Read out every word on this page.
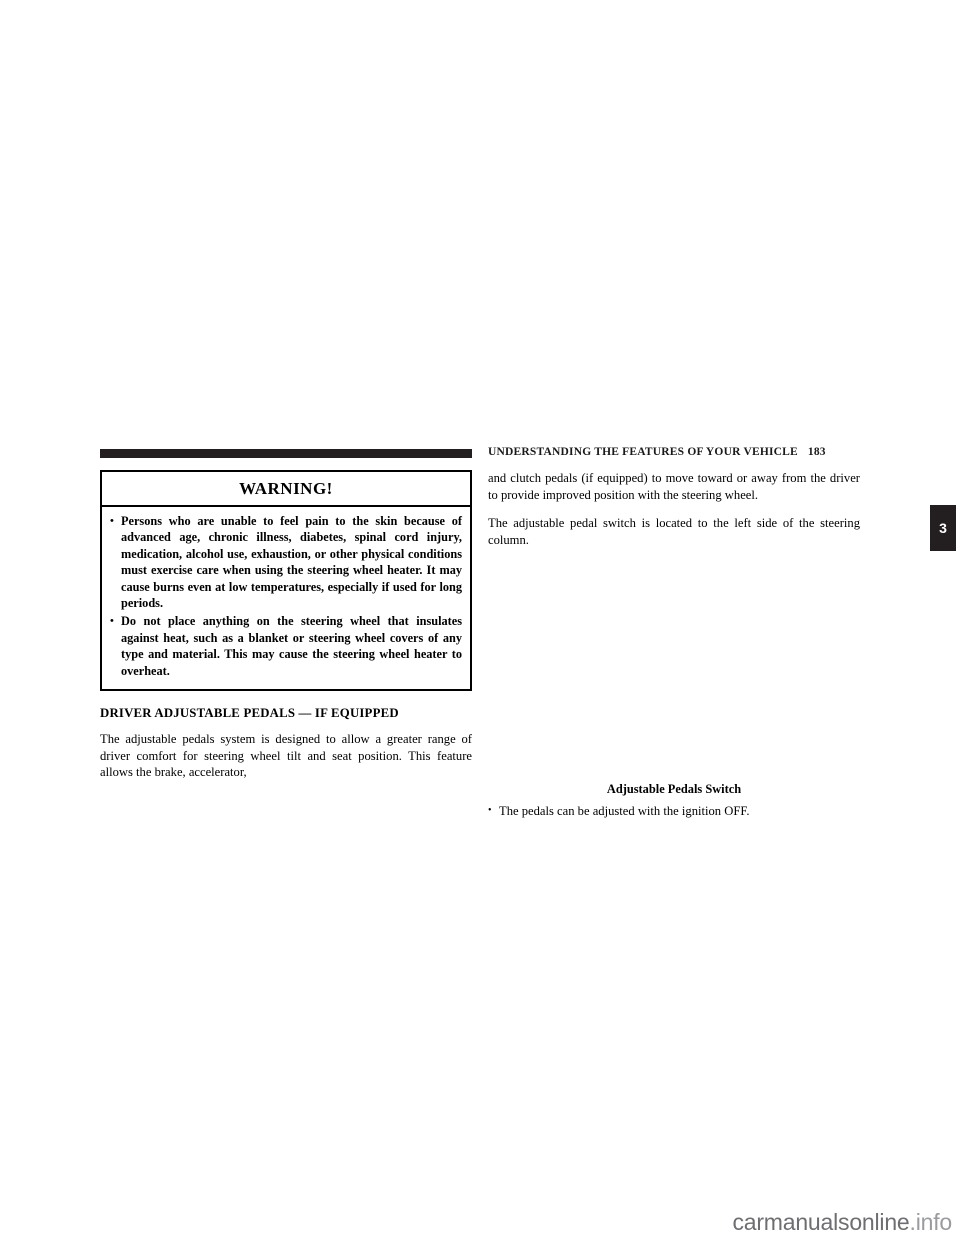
UNDERSTANDING THE FEATURES OF YOUR VEHICLE 183
3
WARNING!
• Persons who are unable to feel pain to the skin because of advanced age, chronic illness, diabetes, spinal cord injury, medication, alcohol use, exhaustion, or other physical conditions must exercise care when using the steering wheel heater. It may cause burns even at low temperatures, especially if used for long periods.
• Do not place anything on the steering wheel that insulates against heat, such as a blanket or steering wheel covers of any type and material. This may cause the steering wheel heater to overheat.
DRIVER ADJUSTABLE PEDALS — IF EQUIPPED

The adjustable pedals system is designed to allow a greater range of driver comfort for steering wheel tilt and seat position. This feature allows the brake, accelerator,

and clutch pedals (if equipped) to move toward or away from the driver to provide improved position with the steering wheel.

The adjustable pedal switch is located to the left side of the steering column.

Adjustable Pedals Switch
• The pedals can be adjusted with the ignition OFF.
carmanualsonline.info
